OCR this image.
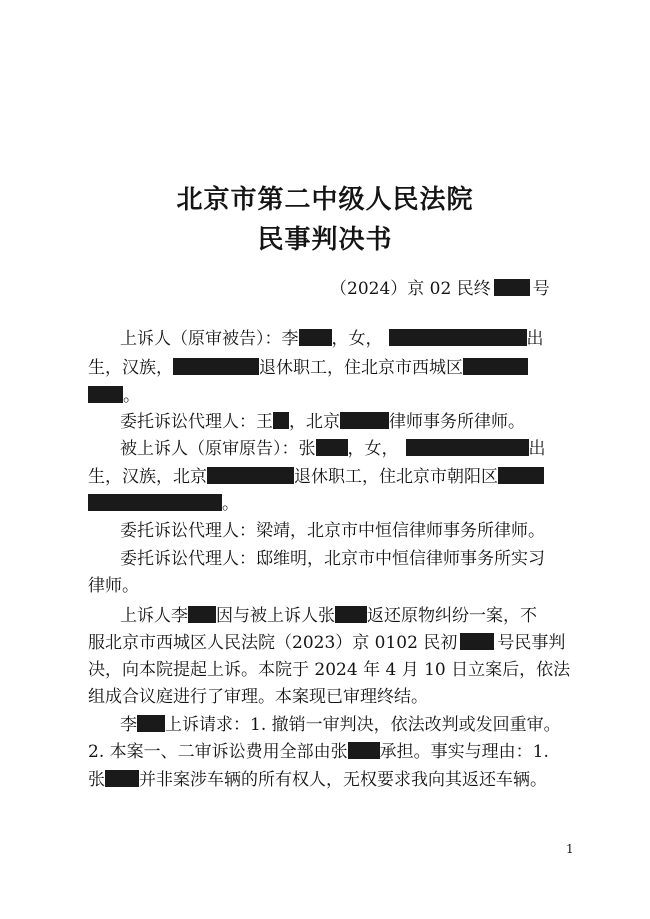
北京市第二中级人民法院
民事判决书
（2024）京 02 民终 号
上诉人（原审被告）：李 ，女，	出
生，汉族，	退休职工，住北京市西城区
。
委托诉讼代理人：王 ，北京	律师事务所律师。
被上诉人（原审原告）：张 ，女，	出
生，汉族，北京	退休职工，住北京市朝阳区
。
委托诉讼代理人：梁靖，北京市中恒信律师事务所律师。
委托诉讼代理人：邸维明，北京市中恒信律师事务所实习
律师。
上诉人李 因与被上诉人张 返还原物纠纷一案，不
服北京市西城区人民法院（2023）京 0102 民初 号民事判
决，向本院提起上诉。本院于 2024 年 4 月 10 日立案后，依法
组成合议庭进行了审理。本案现已审理终结。
李 上诉请求：1. 撤销一审判决，依法改判或发回重审。
2. 本案一、二审诉讼费用全部由张 承担。事实与理由：1.
张 并非案涉车辆的所有权人，无权要求我向其返还车辆。
1
